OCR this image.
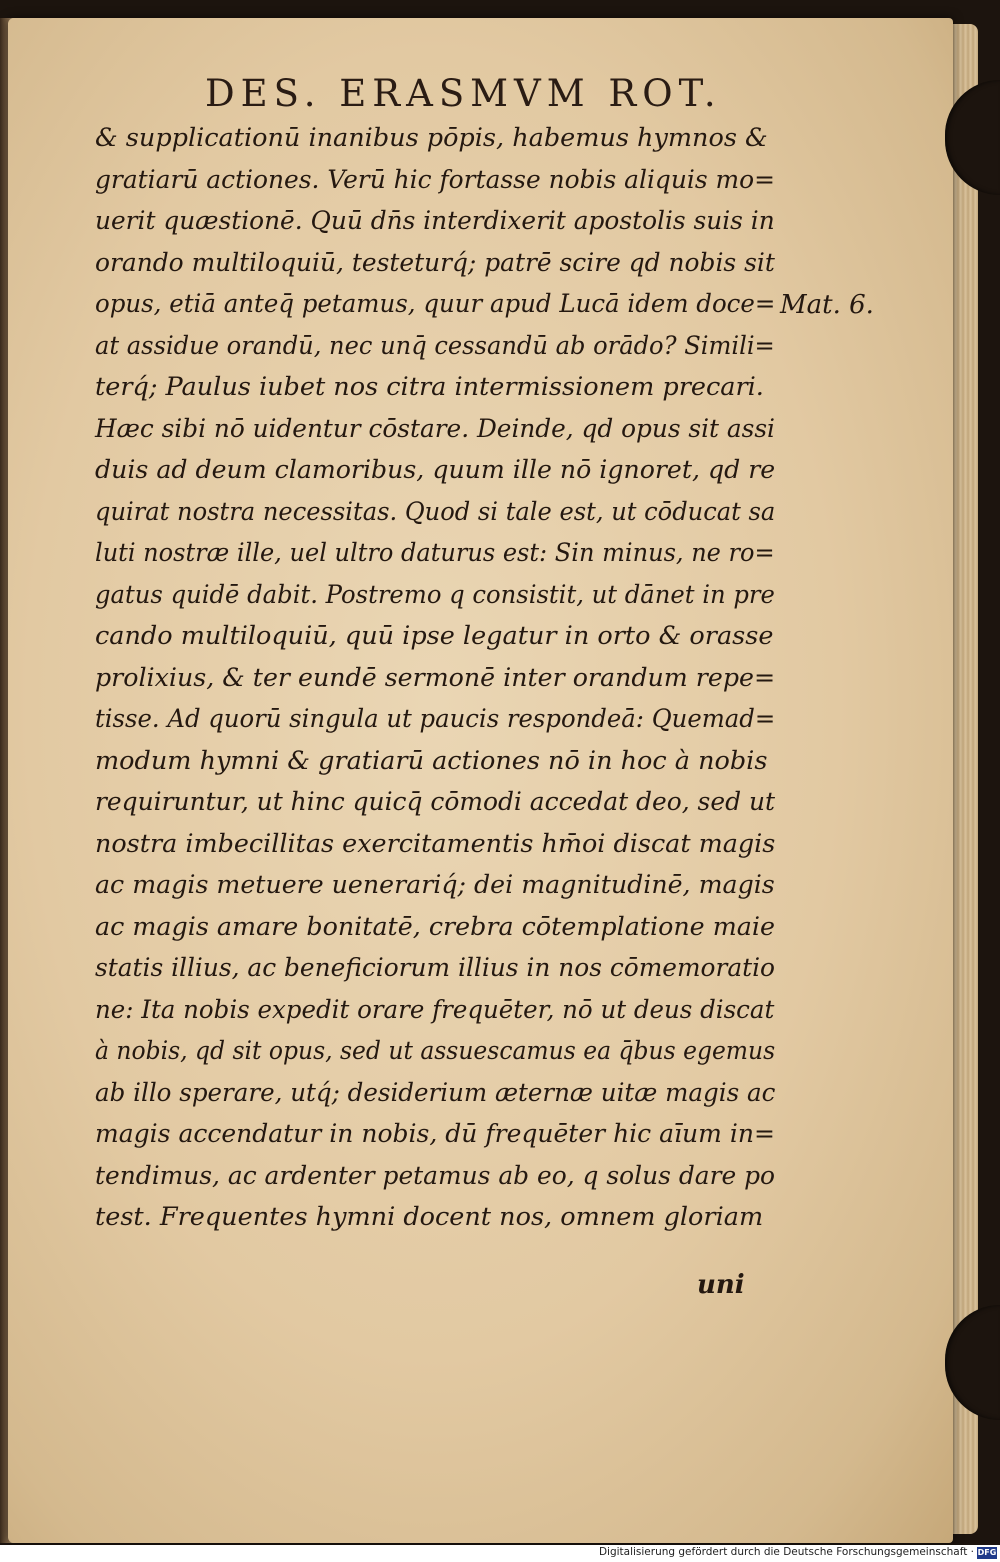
DES. ERASMVM ROT.
& supplicationū inanibus pōpis, habemus hymnos &
gratiarū actiones. Verū hic fortasse nobis aliquis mo=
uerit quæstionē. Quū dn̄s interdixerit apostolis suis in
orando multiloquiū, testeturq́; patrē scire qd nobis sit
opus, etiā anteq̄ petamus, quur apud Lucā idem doce=
at assidue orandū, nec unq̄ cessandū ab orādo? Simili=
terq́; Paulus iubet nos citra intermissionem precari.
Hæc sibi nō uidentur cōstare. Deinde, qd opus sit assi
duis ad deum clamoribus, quum ille nō ignoret, qd re
quirat nostra necessitas. Quod si tale est, ut cōducat sa
luti nostræ ille, uel ultro daturus est: Sin minus, ne ro=
gatus quidē dabit. Postremo q consistit, ut dānet in pre
cando multiloquiū, quū ipse legatur in orto & orasse
prolixius, & ter eundē sermonē inter orandum repe=
tisse. Ad quorū singula ut paucis respondeā: Quemad=
modum hymni & gratiarū actiones nō in hoc à nobis
requiruntur, ut hinc quicq̄ cōmodi accedat deo, sed ut
nostra imbecillitas exercitamentis hm̄oi discat magis
ac magis metuere uenerariq́; dei magnitudinē, magis
ac magis amare bonitatē, crebra cōtemplatione maie
statis illius, ac beneficiorum illius in nos cōmemoratio
ne: Ita nobis expedit orare frequēter, nō ut deus discat
à nobis, qd sit opus, sed ut assuescamus ea q̄bus egemus
ab illo sperare, utq́; desiderium æternæ uitæ magis ac
magis accendatur in nobis, dū frequēter hic aīum in=
tendimus, ac ardenter petamus ab eo, q solus dare po
test. Frequentes hymni docent nos, omnem gloriam
Mat. 6.
uni
Digitalisierung gefördert durch die Deutsche Forschungsgemeinschaft · DFG
